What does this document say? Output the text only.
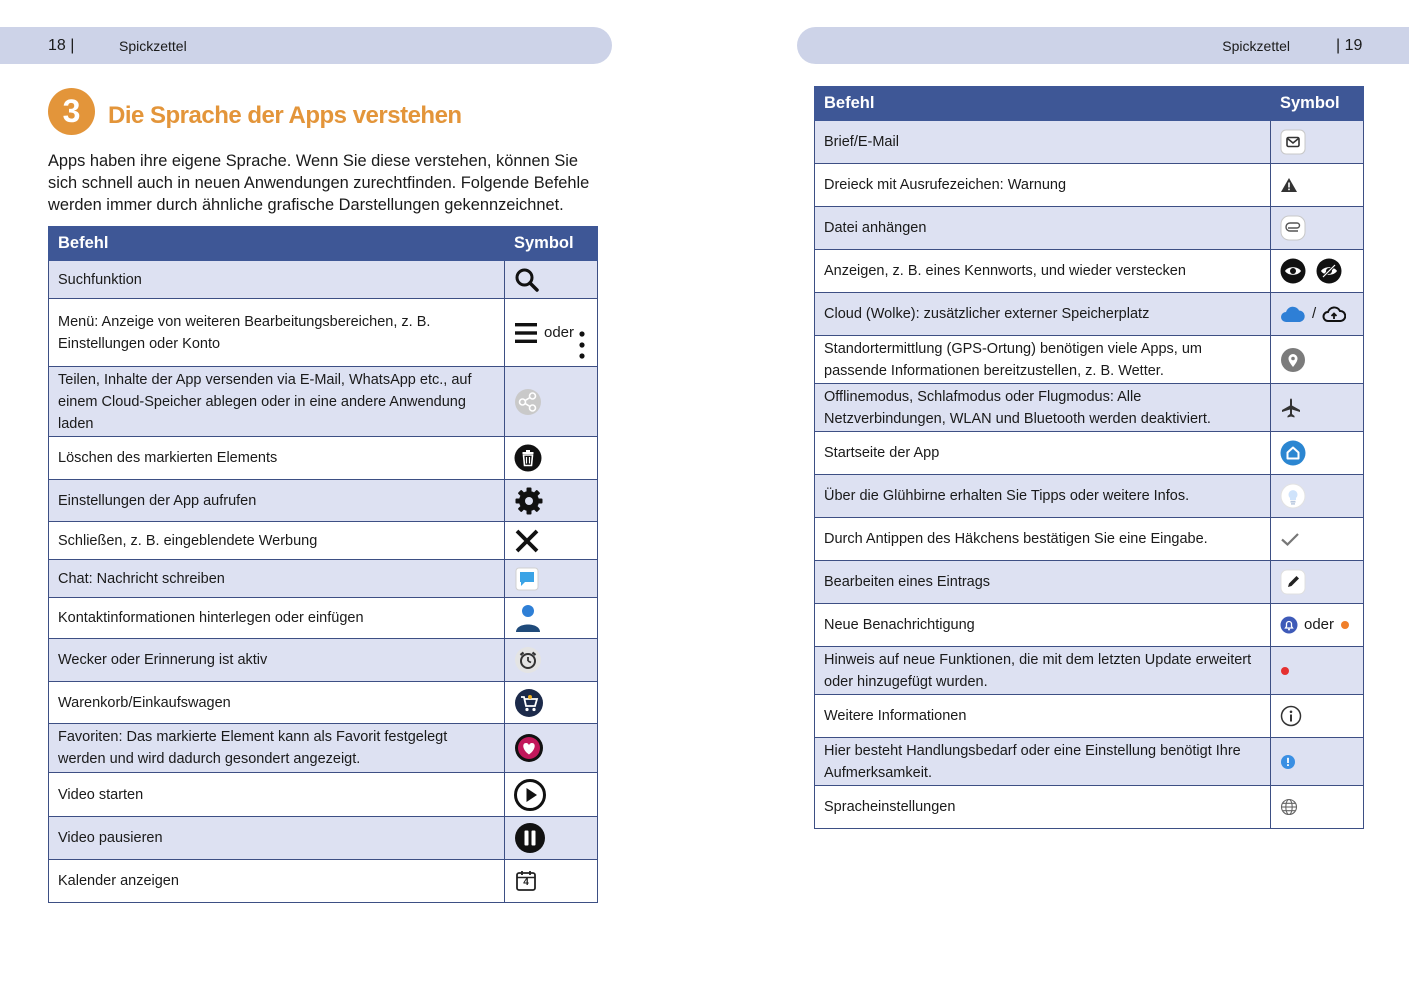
18 |	Spickzettel	Spickzettel	| 19
3	Die Sprache der Apps verstehen

Apps haben ihre eigene Sprache. Wenn Sie diese verstehen, können Sie sich schnell auch in neuen Anwendungen zurechtfinden. Folgende Befehle werden immer durch ähnliche grafische Darstellungen gekennzeichnet.

Befehl	Symbol
Suchfunktion	

Menü: Anzeige von weiteren Bearbeitungsbereichen, z. B. Einstellungen oder Konto	oder

Teilen, Inhalte der App versenden via E-Mail, WhatsApp etc., auf einem Cloud-Speicher ablegen oder in eine andere Anwendung laden	

Löschen des markierten Elements	

Einstellungen der App aufrufen	

Schließen, z. B. eingeblendete Werbung	

Chat: Nachricht schreiben	

Kontaktinformationen hinterlegen oder einfügen	

Wecker oder Erinnerung ist aktiv	

Warenkorb/Einkaufswagen	

Favoriten: Das markierte Element kann als Favorit festgelegt werden und wird dadurch gesondert angezeigt.	

Video starten	

Video pausieren	

Kalender anzeigen	4
Befehl	Symbol
Brief/E-Mail	

Dreieck mit Ausrufezeichen: Warnung	

Datei anhängen	

Anzeigen, z. B. eines Kennworts, und wieder verstecken	

Cloud (Wolke): zusätzlicher externer Speicherplatz	/

Standortermittlung (GPS-Ortung) benötigen viele Apps, um passende Informationen bereitzustellen, z. B. Wetter.	

Offlinemodus, Schlafmodus oder Flugmodus: Alle Netzverbindungen, WLAN und Bluetooth werden deaktiviert.	

Startseite der App	

Über die Glühbirne erhalten Sie Tipps oder weitere Infos.	

Durch Antippen des Häkchens bestätigen Sie eine Eingabe.	

Bearbeiten eines Eintrags	

Neue Benachrichtigung	oder

Hinweis auf neue Funktionen, die mit dem letzten Update erweitert oder hinzugefügt wurden.	

Weitere Informationen	

Hier besteht Handlungsbedarf oder eine Einstellung benötigt Ihre Aufmerksamkeit.	

Spracheinstellungen	
